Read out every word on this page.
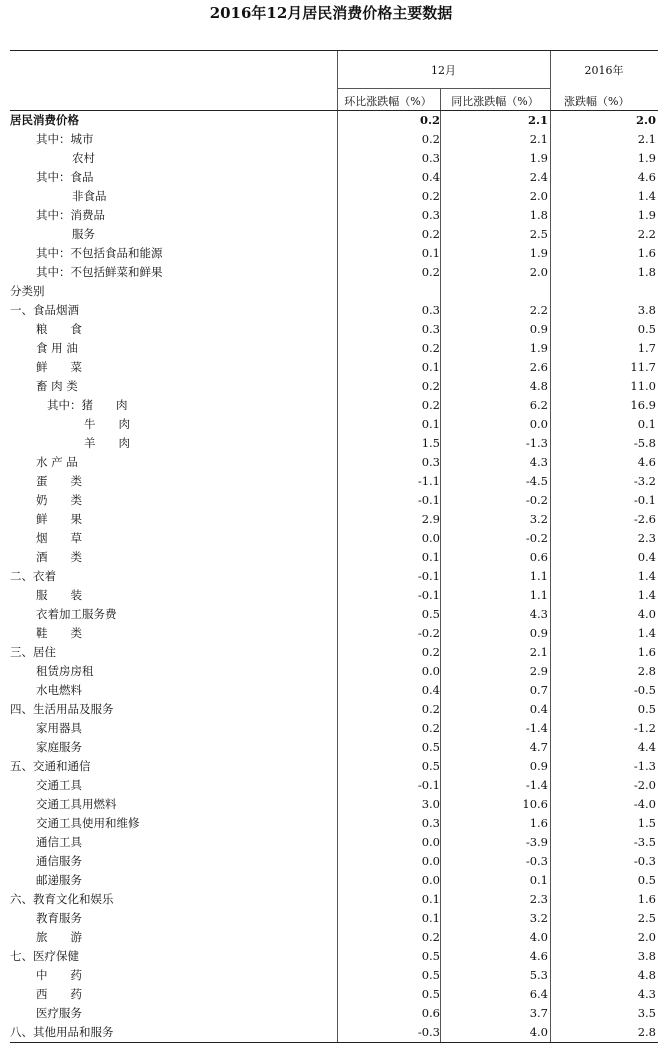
2016年12月居民消费价格主要数据
12月	2016年
环比涨跌幅（%）	同比涨跌幅（%）	涨跌幅（%）
居民消费价格	0.2	2.1	2.0
其中：城市	0.2	2.1	2.1
农村	0.3	1.9	1.9
其中：食品	0.4	2.4	4.6
非食品	0.2	2.0	1.4
其中：消费品	0.3	1.8	1.9
服务	0.2	2.5	2.2
其中：不包括食品和能源	0.1	1.9	1.6
其中：不包括鲜菜和鲜果	0.2	2.0	1.8
分类别
一、食品烟酒	0.3	2.2	3.8
粮　　食	0.3	0.9	0.5
食 用 油	0.2	1.9	1.7
鲜　　菜	0.1	2.6	11.7
畜 肉 类	0.2	4.8	11.0
其中：猪　　肉	0.2	6.2	16.9
牛　　肉	0.1	0.0	0.1
羊　　肉	1.5	-1.3	-5.8
水 产 品	0.3	4.3	4.6
蛋　　类	-1.1	-4.5	-3.2
奶　　类	-0.1	-0.2	-0.1
鲜　　果	2.9	3.2	-2.6
烟　　草	0.0	-0.2	2.3
酒　　类	0.1	0.6	0.4
二、衣着	-0.1	1.1	1.4
服　　装	-0.1	1.1	1.4
衣着加工服务费	0.5	4.3	4.0
鞋　　类	-0.2	0.9	1.4
三、居住	0.2	2.1	1.6
租赁房房租	0.0	2.9	2.8
水电燃料	0.4	0.7	-0.5
四、生活用品及服务	0.2	0.4	0.5
家用器具	0.2	-1.4	-1.2
家庭服务	0.5	4.7	4.4
五、交通和通信	0.5	0.9	-1.3
交通工具	-0.1	-1.4	-2.0
交通工具用燃料	3.0	10.6	-4.0
交通工具使用和维修	0.3	1.6	1.5
通信工具	0.0	-3.9	-3.5
通信服务	0.0	-0.3	-0.3
邮递服务	0.0	0.1	0.5
六、教育文化和娱乐	0.1	2.3	1.6
教育服务	0.1	3.2	2.5
旅　　游	0.2	4.0	2.0
七、医疗保健	0.5	4.6	3.8
中　　药	0.5	5.3	4.8
西　　药	0.5	6.4	4.3
医疗服务	0.6	3.7	3.5
八、其他用品和服务	-0.3	4.0	2.8
